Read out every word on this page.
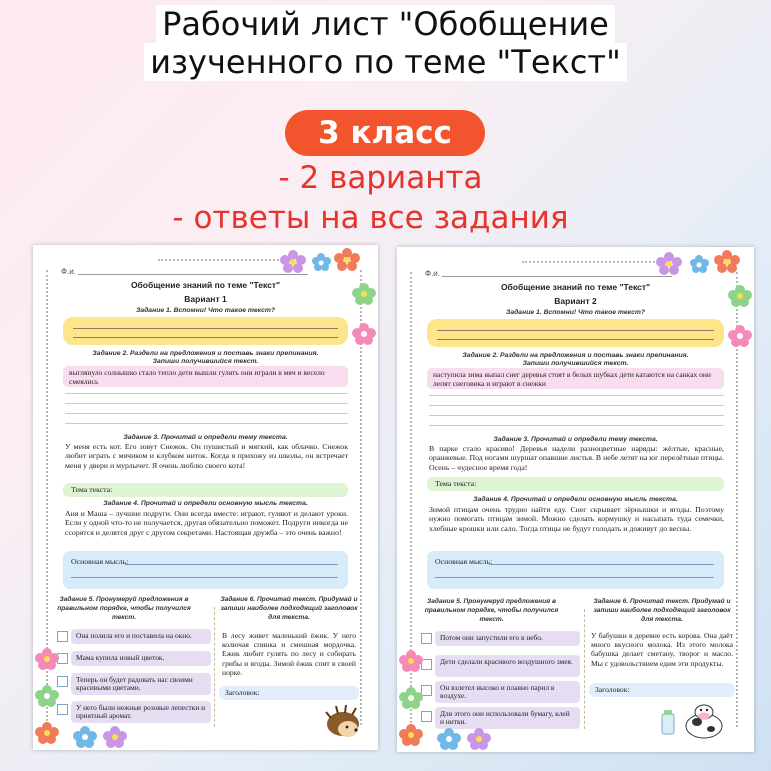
Рабочий лист "Обобщение
изученного по теме "Текст"
3 класс
- 2 варианта
- ответы на все задания
Ф.и.
Обобщение знаний по теме "Текст"
Вариант 1
Задание 1. Вспомни! Что такое текст?
Задание 2. Раздели на предложения и поставь знаки препинания.
Запиши получившийся текст.
выглянуло солнышко стало тепло дети вышли гулять они играли в мяч и весело смеялись
Задание 3. Прочитай и определи тему текста.
У меня есть кот. Его зовут Снежок. Он пушистый и мягкий, как облачко. Снежок любит играть с мячиком и клубком ниток. Когда я прихожу из школы, он встречает меня у двери и мурлычет. Я очень люблю своего кота!
Тема текста:
Задание 4. Прочитай и определи основную мысль текста.
Аня и Маша – лучшие подруги. Они всегда вместе: играют, гуляют и делают уроки. Если у одной что-то не получается, другая обязательно поможет. Подруги никогда не ссорятся и делятся друг с другом секретами. Настоящая дружба – это очень важно!
Основная мысль:
Задание 5. Пронумеруй предложения в правильном порядке, чтобы получился текст.
Задание 6. Прочитай текст. Придумай и запиши наиболее подходящий заголовок для текста.
Она полила его и поставила на окно.
Мама купила новый цветок.
Теперь он будет радовать нас своими красивыми цветами.
У него были нежные розовые лепестки и приятный аромат.
В лесу живет маленький ёжик. У него колючая спинка и смешная мордочка. Ежик любит гулять по лесу и собирать грибы и ягоды. Зимой ёжик спит в своей норке.
Заголовок:
Ф.и.
Обобщение знаний по теме "Текст"
Вариант 2
Задание 1. Вспомни! Что такое текст?
Задание 2. Раздели на предложения и поставь знаки препинания.
Запиши получившийся текст.
наступила зима выпал снег деревья стоят в белых шубках дети катаются на санках они лепят снеговика и играют в снежки
Задание 3. Прочитай и определи тему текста.
В парке стало красиво! Деревья надели разноцветные наряды: жёлтые, красные, оранжевые. Под ногами шуршат опавшие листья. В небе летят на юг перелётные птицы. Осень – чудесное время года!
Тема текста:
Задание 4. Прочитай и определи основную мысль текста.
Зимой птицам очень трудно найти еду. Снег скрывает зёрнышки и ягоды. Поэтому нужно помогать птицам зимой. Можно сделать кормушку и насыпать туда семечки, хлебные крошки или сало. Тогда птицы не будут голодать и доживут до весны.
Основная мысль:
Задание 5. Пронумеруй предложения в правильном порядке, чтобы получился текст.
Задание 6. Прочитай текст. Придумай и запиши наиболее подходящий заголовок для текста.
Потом они запустили его в небо.
Дети сделали красивого воздушного змея.
Он взлетел высоко и плавно парил в воздухе.
Для этого они использовали бумагу, клей и нитки.
У бабушки в деревне есть корова. Она даёт много вкусного молока. Из этого молока бабушка делает сметану, творог и масло. Мы с удовольствием едим эти продукты.
Заголовок:
